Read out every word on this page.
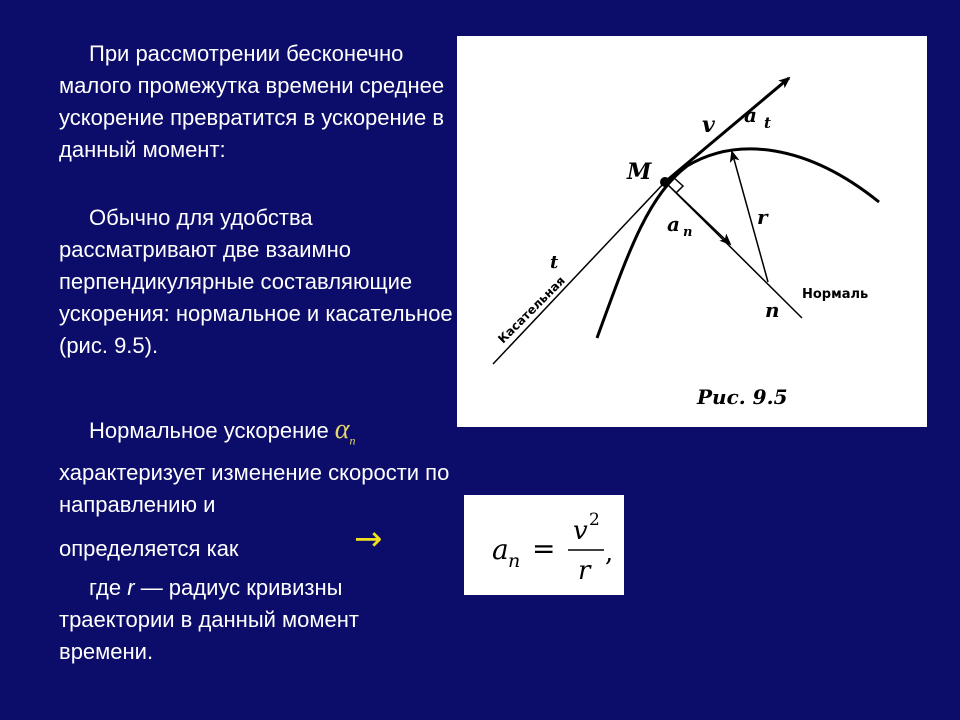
При рассмотрении бесконечно малого промежутка времени среднее ускорение превратится в ускорение в данный момент:

Обычно для удобства рассматривают две взаимно перпендикулярные составляющие ускорения: нормальное и касательное (рис. 9.5).

Нормальное ускорение $\alpha_n$
характеризует изменение скорости по направлению и

определяется как	→

где r — радиус кривизны траектории в данный момент времени.

v a t
M
a n
r
t
Касательная	Нормаль
n
Рис. 9.5
a n =
v 2
r
,
